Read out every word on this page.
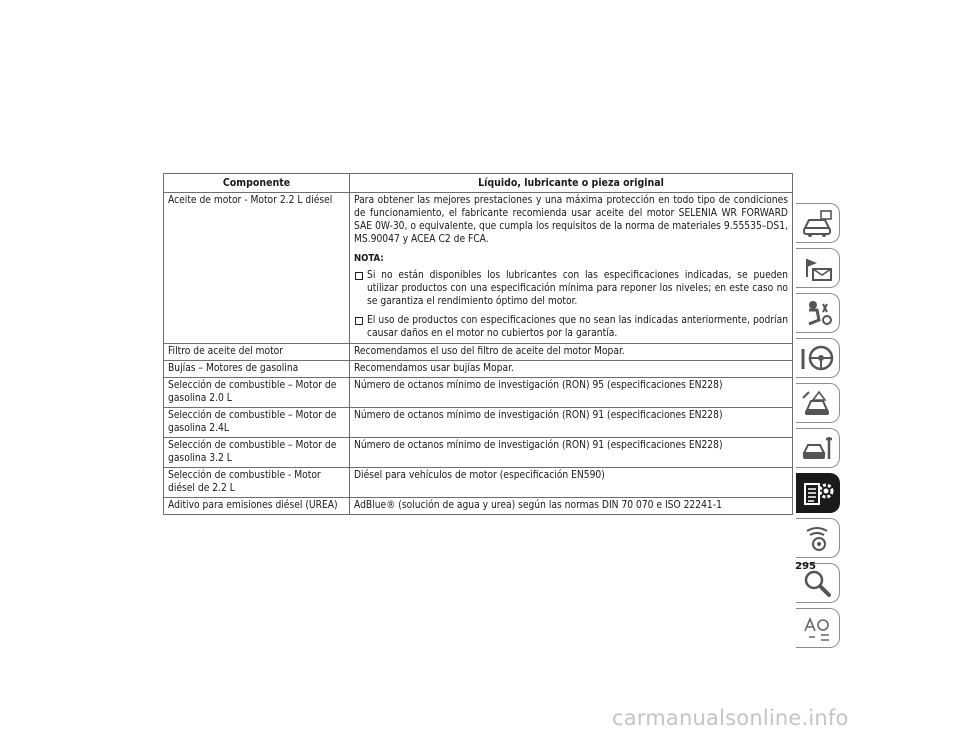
Componente	Líquido, lubricante o pieza original
Aceite de motor - Motor 2.2 L diésel	Para obtener las mejores prestaciones y una máxima protección en todo tipo de condiciones de funcionamiento, el fabricante recomienda usar aceite del motor SELENIA WR FORWARD SAE 0W-30, o equivalente, que cumpla los requisitos de la norma de materiales 9.55535–DS1, MS.90047 y ACEA C2 de FCA.

NOTA:

Si no están disponibles los lubricantes con las especificaciones indicadas, se pueden utilizar productos con una especificación mínima para reponer los niveles; en este caso no se garantiza el rendimiento óptimo del motor.

El uso de productos con especificaciones que no sean las indicadas anteriormente, podrían causar daños en el motor no cubiertos por la garantía.

Filtro de aceite del motor	Recomendamos el uso del filtro de aceite del motor Mopar.
Bujías – Motores de gasolina	Recomendamos usar bujías Mopar.
Selección de combustible – Motor de gasolina 2.0 L	Número de octanos mínimo de investigación (RON) 95 (especificaciones EN228)
Selección de combustible – Motor de gasolina 2.4L	Número de octanos mínimo de investigación (RON) 91 (especificaciones EN228)
Selección de combustible – Motor de gasolina 3.2 L	Número de octanos mínimo de investigación (RON) 91 (especificaciones EN228)
Selección de combustible - Motor diésel de 2.2 L	Diésel para vehículos de motor (especificación EN590)
Aditivo para emisiones diésel (UREA)	AdBlue® (solución de agua y urea) según las normas DIN 70 070 e ISO 22241-1
295
carmanualsonline.info
